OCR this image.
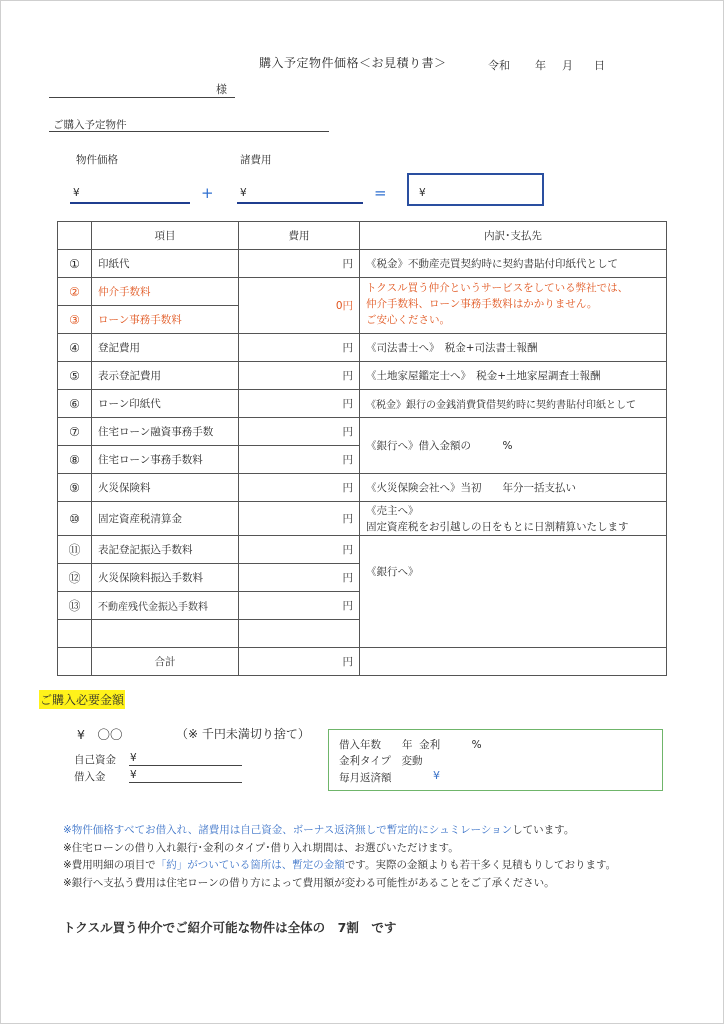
購入予定物件価格＜お見積り書＞	令和 年 月 日
様
ご購入予定物件
物件価格	諸費用
¥	+	¥	=	¥
	項目	費用	内訳･支払先
①	印紙代	円	《税金》不動産売買契約時に契約書貼付印紙代として
②	仲介手数料	0円	トクスル買う仲介というサービスをしている弊社では、
仲介手数料、ローン事務手数料はかかりません。
ご安心ください。

③	ローン事務手数料		
④	登記費用	円	《司法書士へ》　税金+司法書士報酬
⑤	表示登記費用	円	《土地家屋鑑定士へ》　税金+土地家屋調査士報酬
⑥	ローン印紙代	円	《税金》銀行の金銭消費貸借契約時に契約書貼付印紙として
⑦	住宅ローン融資事務手数	円	《銀行へ》借入金額の　　　%
⑧	住宅ローン事務手数料	円	
⑨	火災保険料	円	《火災保険会社へ》当初　　年分一括支払い
⑩	固定資産税清算金	円	《売主へ》
固定資産税をお引越しの日をもとに日割精算いたします

⑪	表記登記振込手数料	円	《銀行へ》
⑫	火災保険料振込手数料	円	
⑬	不動産残代金振込手数料	円	

	合計	円	
ご購入必要金額
¥　〇〇	（※ 千円未満切り捨て）
自己資金 ¥
借入金 ¥
借入年数　　年  金利　　　%
金利タイプ　変動
毎月返済額	¥
※物件価格すべてお借入れ、諸費用は自己資金、ボーナス返済無しで暫定的にシュミレーションしています。
※住宅ローンの借り入れ銀行･金利のタイプ･借り入れ期間は、お選びいただけます。
※費用明細の項目で「約」がついている箇所は、暫定の金額です。実際の金額よりも若干多く見積もりしております。
※銀行へ支払う費用は住宅ローンの借り方によって費用額が変わる可能性があることをご了承ください。
トクスル買う仲介でご紹介可能な物件は全体の　7割　です
